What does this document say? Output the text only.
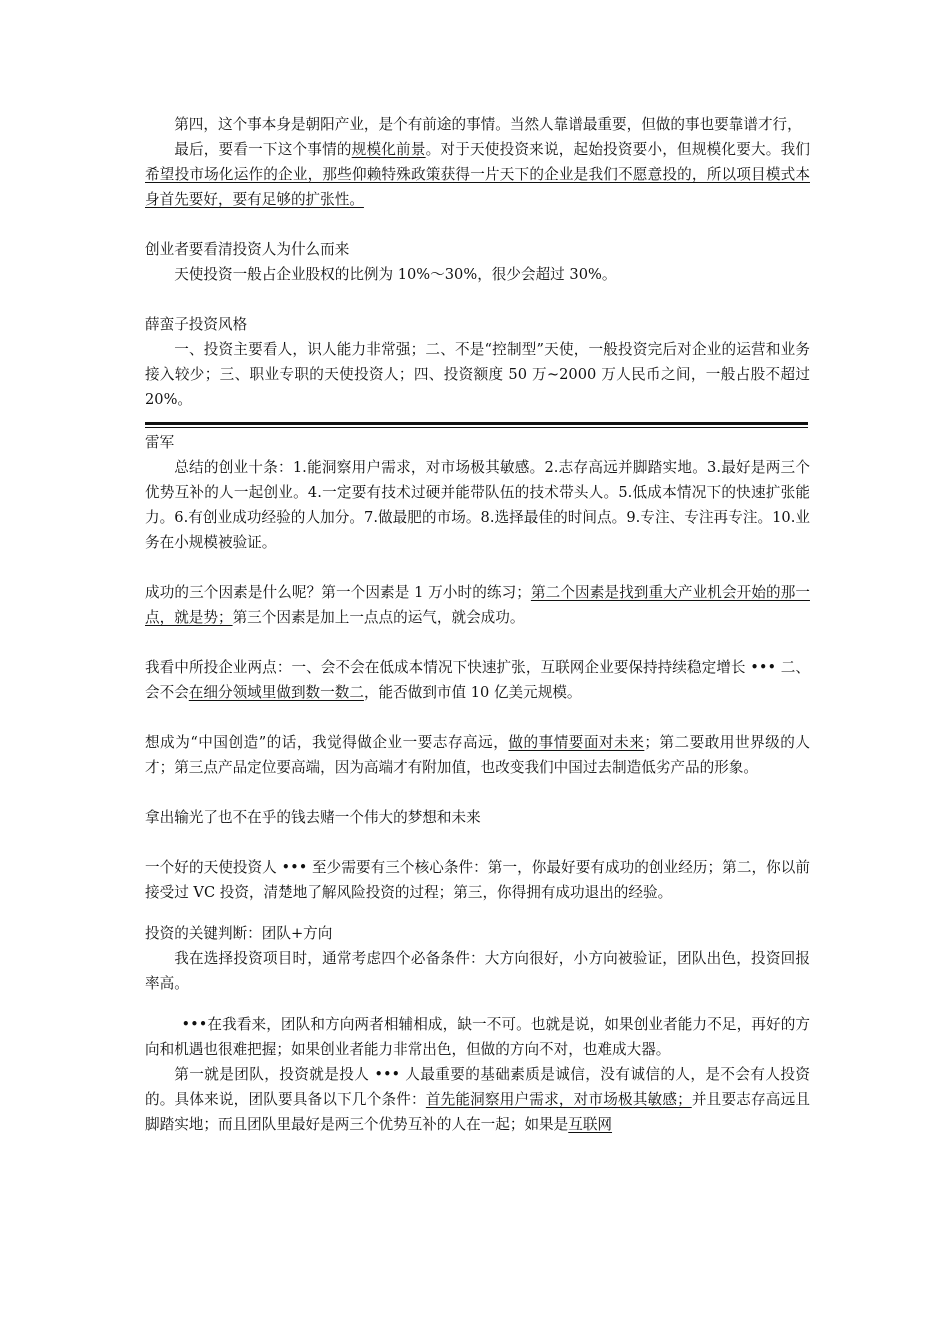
第四，这个事本身是朝阳产业，是个有前途的事情。当然人靠谱最重要，但做的事也要靠谱才行，

最后，要看一下这个事情的规模化前景。对于天使投资来说，起始投资要小，但规模化要大。我们希望投市场化运作的企业，那些仰赖特殊政策获得一片天下的企业是我们不愿意投的，所以项目模式本身首先要好，要有足够的扩张性。

创业者要看清投资人为什么而来

天使投资一般占企业股权的比例为 10%～30%，很少会超过 30%。

薛蛮子投资风格

一、投资主要看人，识人能力非常强；二、不是“控制型”天使，一般投资完后对企业的运营和业务接入较少；三、职业专职的天使投资人；四、投资额度 50 万~2000 万人民币之间，一般占股不超过 20%。

雷军

总结的创业十条：1.能洞察用户需求，对市场极其敏感。2.志存高远并脚踏实地。3.最好是两三个优势互补的人一起创业。4.一定要有技术过硬并能带队伍的技术带头人。5.低成本情况下的快速扩张能力。6.有创业成功经验的人加分。7.做最肥的市场。8.选择最佳的时间点。9.专注、专注再专注。10.业务在小规模被验证。

成功的三个因素是什么呢？第一个因素是 1 万小时的练习；第二个因素是找到重大产业机会开始的那一点，就是势；第三个因素是加上一点点的运气，就会成功。

我看中所投企业两点：一、会不会在低成本情况下快速扩张，互联网企业要保持持续稳定增长 ••• 二、会不会在细分领域里做到数一数二，能否做到市值 10 亿美元规模。

想成为“中国创造”的话，我觉得做企业一要志存高远，做的事情要面对未来；第二要敢用世界级的人才；第三点产品定位要高端，因为高端才有附加值，也改变我们中国过去制造低劣产品的形象。

拿出输光了也不在乎的钱去赌一个伟大的梦想和未来

一个好的天使投资人 ••• 至少需要有三个核心条件：第一，你最好要有成功的创业经历；第二，你以前接受过 VC 投资，清楚地了解风险投资的过程；第三，你得拥有成功退出的经验。

投资的关键判断：团队+方向

我在选择投资项目时，通常考虑四个必备条件：大方向很好，小方向被验证，团队出色，投资回报率高。

•••在我看来，团队和方向两者相辅相成，缺一不可。也就是说，如果创业者能力不足，再好的方向和机遇也很难把握；如果创业者能力非常出色，但做的方向不对，也难成大器。

第一就是团队，投资就是投人 ••• 人最重要的基础素质是诚信，没有诚信的人，是不会有人投资的。具体来说，团队要具备以下几个条件：首先能洞察用户需求，对市场极其敏感；并且要志存高远且脚踏实地；而且团队里最好是两三个优势互补的人在一起；如果是互联网
